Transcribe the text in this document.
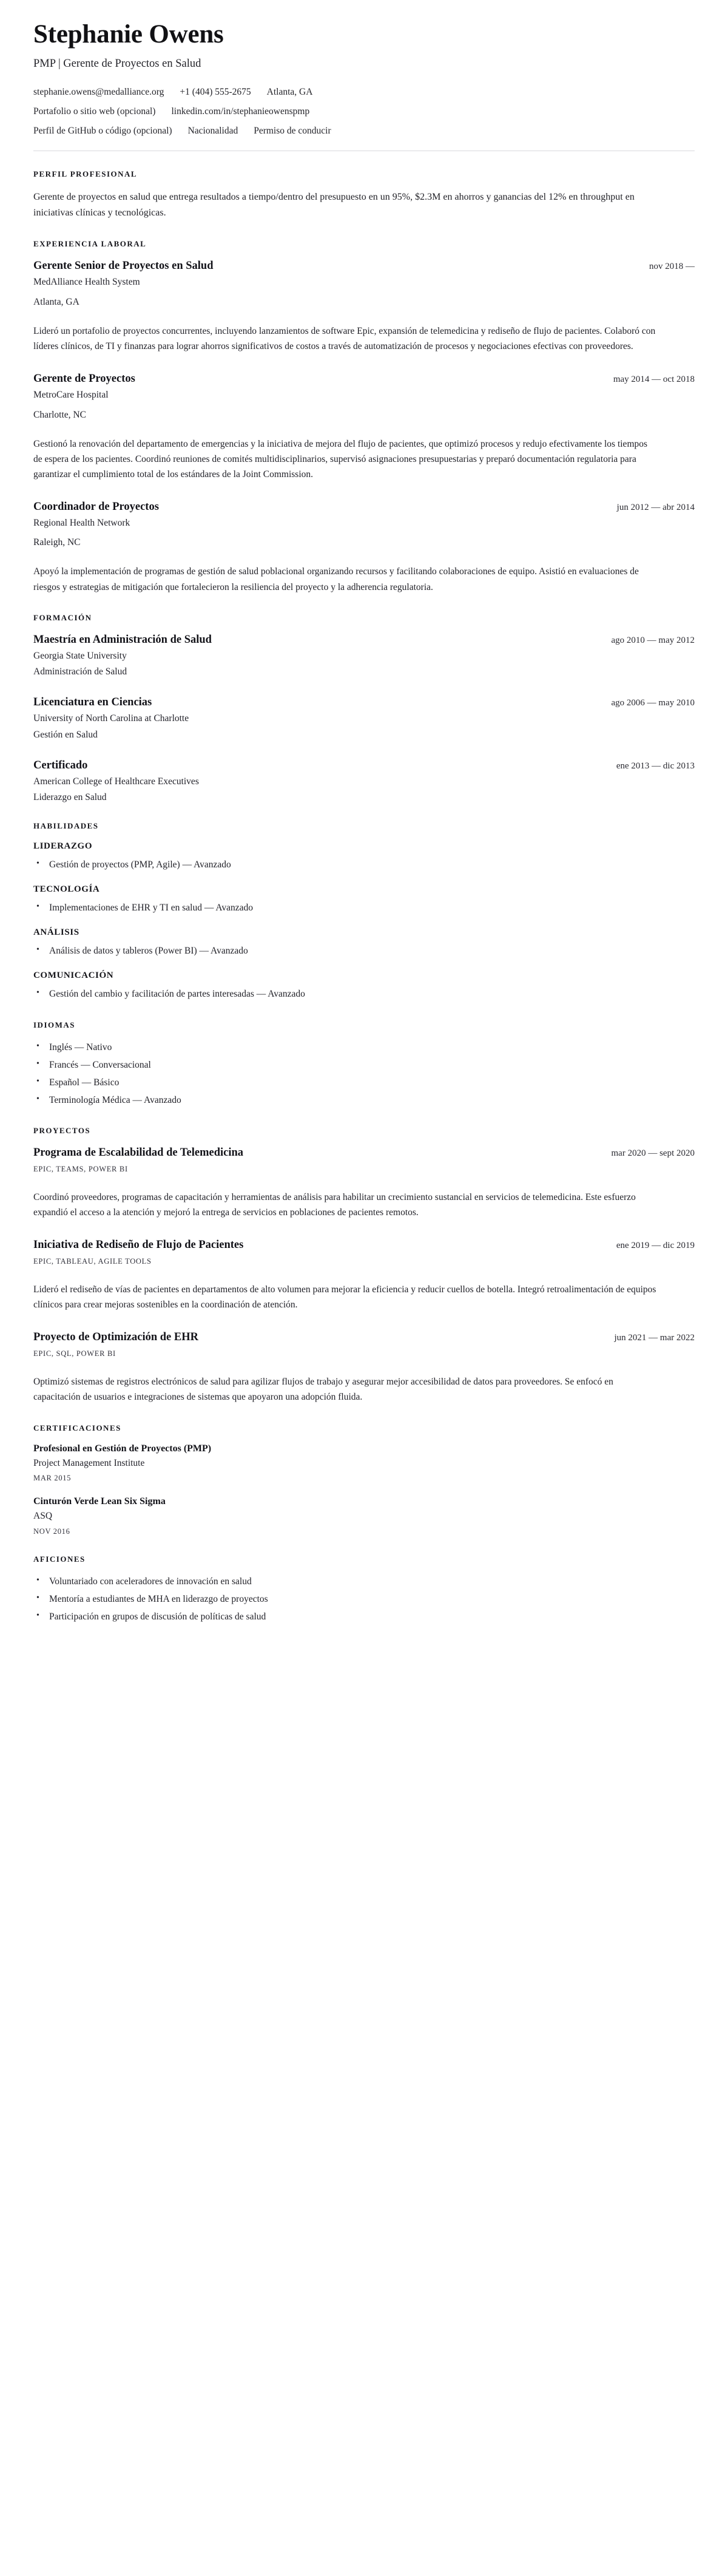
Stephanie Owens
PMP | Gerente de Proyectos en Salud
stephanie.owens@medalliance.org +1 (404) 555-2675 Atlanta, GA
Portafolio o sitio web (opcional) linkedin.com/in/stephanieowenspmp
Perfil de GitHub o código (opcional) Nacionalidad Permiso de conducir
PERFIL PROFESIONAL

Gerente de proyectos en salud que entrega resultados a tiempo/dentro del presupuesto en un 95%, $2.3M en ahorros y ganancias del 12% en throughput en iniciativas clínicas y tecnológicas.

EXPERIENCIA LABORAL
Gerente Senior de Proyectos en Salud	nov 2018 —
MedAlliance Health System
Atlanta, GA

Lideró un portafolio de proyectos concurrentes, incluyendo lanzamientos de software Epic, expansión de telemedicina y rediseño de flujo de pacientes. Colaboró con líderes clínicos, de TI y finanzas para lograr ahorros significativos de costos a través de automatización de procesos y negociaciones efectivas con proveedores.

Gerente de Proyectos	may 2014 — oct 2018
MetroCare Hospital
Charlotte, NC

Gestionó la renovación del departamento de emergencias y la iniciativa de mejora del flujo de pacientes, que optimizó procesos y redujo efectivamente los tiempos de espera de los pacientes. Coordinó reuniones de comités multidisciplinarios, supervisó asignaciones presupuestarias y preparó documentación regulatoria para garantizar el cumplimiento total de los estándares de la Joint Commission.

Coordinador de Proyectos	jun 2012 — abr 2014
Regional Health Network
Raleigh, NC

Apoyó la implementación de programas de gestión de salud poblacional organizando recursos y facilitando colaboraciones de equipo. Asistió en evaluaciones de riesgos y estrategias de mitigación que fortalecieron la resiliencia del proyecto y la adherencia regulatoria.

FORMACIÓN
Maestría en Administración de Salud	ago 2010 — may 2012
Georgia State University
Administración de Salud
Licenciatura en Ciencias	ago 2006 — may 2010
University of North Carolina at Charlotte
Gestión en Salud
Certificado	ene 2013 — dic 2013
American College of Healthcare Executives
Liderazgo en Salud
HABILIDADES
LIDERAZGO
• Gestión de proyectos (PMP, Agile) — Avanzado
TECNOLOGÍA
• Implementaciones de EHR y TI en salud — Avanzado
ANÁLISIS
• Análisis de datos y tableros (Power BI) — Avanzado
COMUNICACIÓN
• Gestión del cambio y facilitación de partes interesadas — Avanzado
IDIOMAS
• Inglés — Nativo
• Francés — Conversacional
• Español — Básico
• Terminología Médica — Avanzado
PROYECTOS
Programa de Escalabilidad de Telemedicina	mar 2020 — sept 2020
EPIC, TEAMS, POWER BI

Coordinó proveedores, programas de capacitación y herramientas de análisis para habilitar un crecimiento sustancial en servicios de telemedicina. Este esfuerzo expandió el acceso a la atención y mejoró la entrega de servicios en poblaciones de pacientes remotos.

Iniciativa de Rediseño de Flujo de Pacientes	ene 2019 — dic 2019
EPIC, TABLEAU, AGILE TOOLS

Lideró el rediseño de vías de pacientes en departamentos de alto volumen para mejorar la eficiencia y reducir cuellos de botella. Integró retroalimentación de equipos clínicos para crear mejoras sostenibles en la coordinación de atención.

Proyecto de Optimización de EHR	jun 2021 — mar 2022
EPIC, SQL, POWER BI

Optimizó sistemas de registros electrónicos de salud para agilizar flujos de trabajo y asegurar mejor accesibilidad de datos para proveedores. Se enfocó en capacitación de usuarios e integraciones de sistemas que apoyaron una adopción fluida.

CERTIFICACIONES
Profesional en Gestión de Proyectos (PMP)
Project Management Institute
MAR 2015
Cinturón Verde Lean Six Sigma
ASQ
NOV 2016
AFICIONES
• Voluntariado con aceleradores de innovación en salud
• Mentoría a estudiantes de MHA en liderazgo de proyectos
• Participación en grupos de discusión de políticas de salud
